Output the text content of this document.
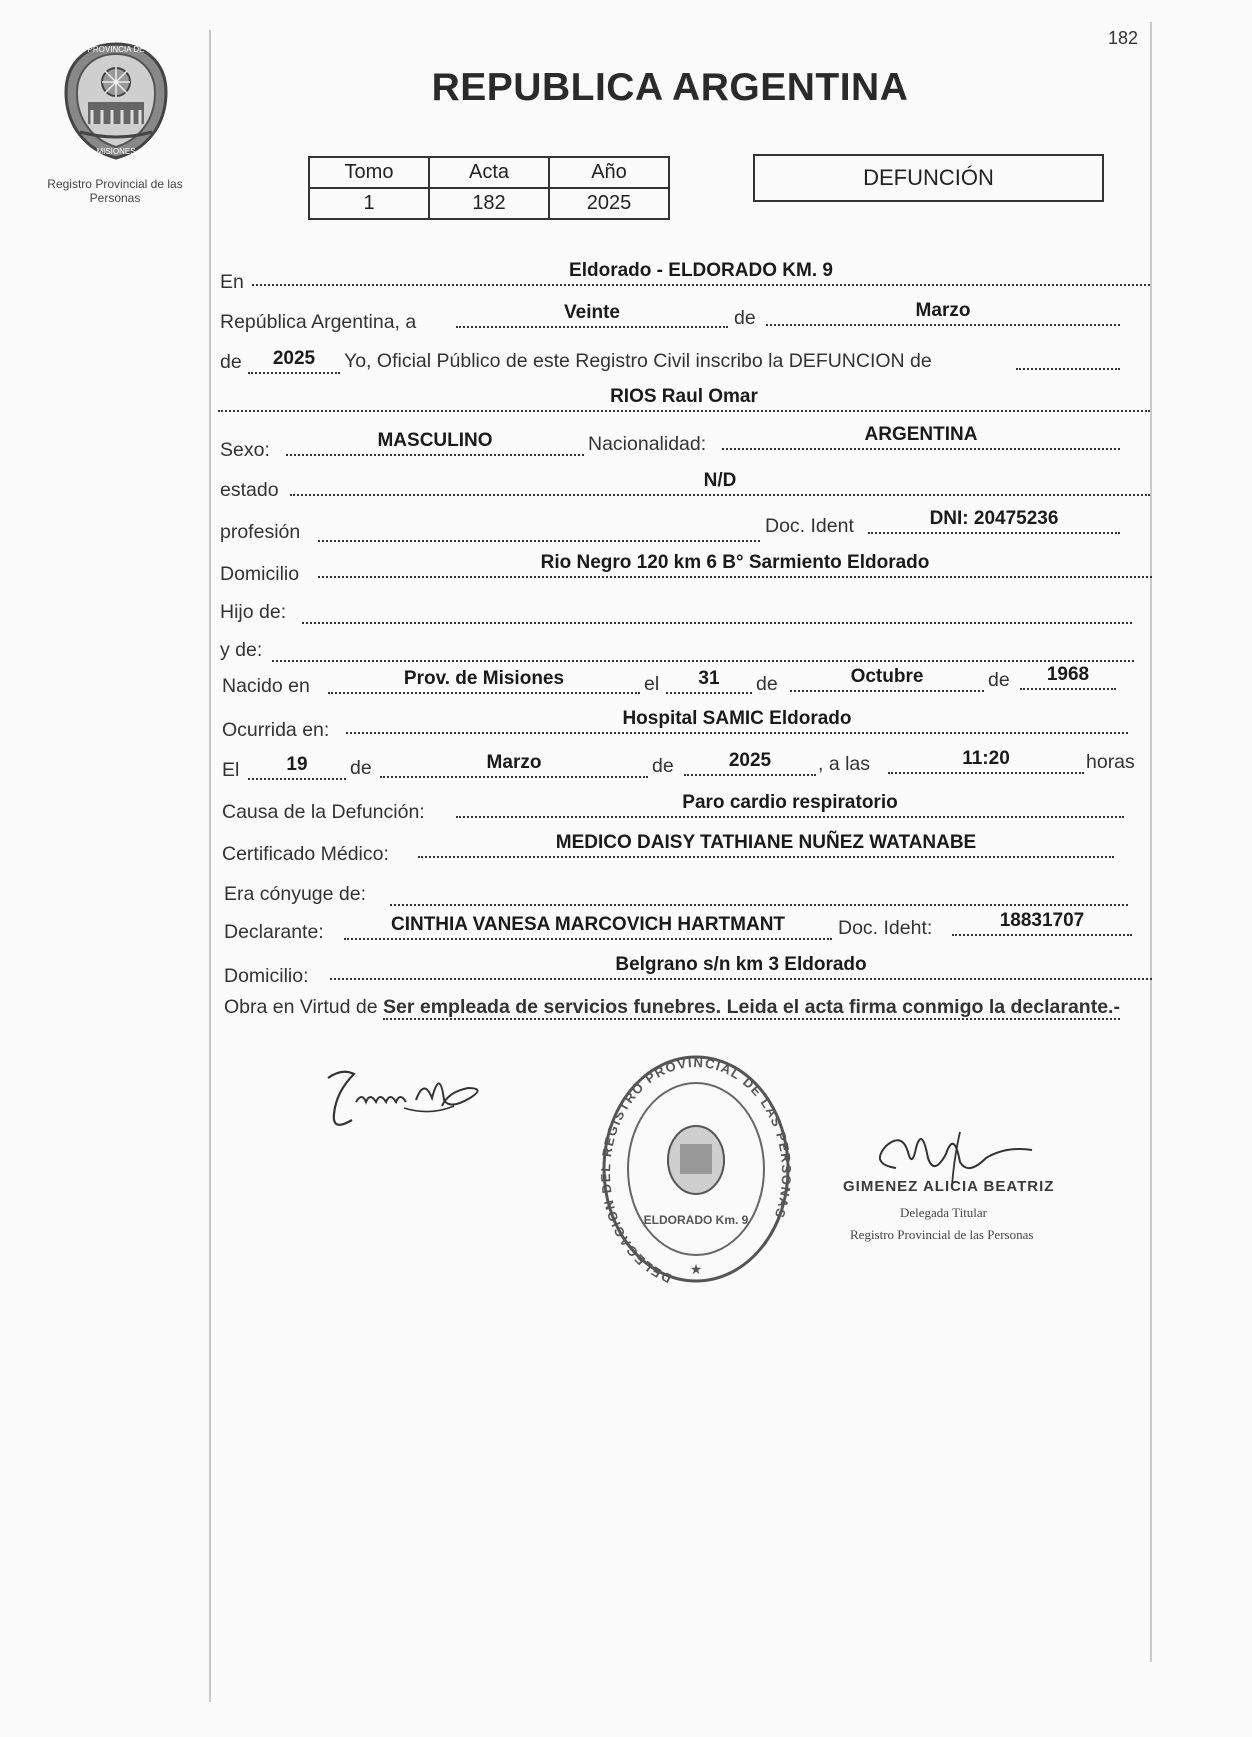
182
PROVINCIA DE
MISIONES
Registro Provincial de las Personas
REPUBLICA ARGENTINA
Tomo	Acta	Año
1	182	2025
DEFUNCIÓN
En
Eldorado - ELDORADO KM. 9
República Argentina, a	Veinte	de	Marzo
de	2025	Yo, Oficial Público de este Registro Civil inscribo la DEFUNCION de
RIOS Raul Omar
Sexo:	MASCULINO	Nacionalidad:	ARGENTINA
estado	N/D
profesión	Doc. Ident	DNI: 20475236
Domicilio
Rio Negro 120 km 6 B° Sarmiento Eldorado
Hijo de:
y de:
Nacido en	Prov. de Misiones	el	31	de	Octubre	de	1968
Ocurrida en:
Hospital SAMIC Eldorado
El	19	de	Marzo	de	2025	, a las	11:20	horas
Causa de la Defunción:	Paro cardio respiratorio
Certificado Médico:
MEDICO DAISY TATHIANE NUÑEZ WATANABE
Era cónyuge de:
Declarante:	CINTHIA VANESA MARCOVICH HARTMANT	Doc. Ideht:	18831707
Domicilio:
Belgrano s/n km 3 Eldorado
Obra en Virtud de Ser empleada de servicios funebres. Leida el acta firma conmigo la declarante.-
DELEGACION DEL REGISTRO PROVINCIAL DE LAS PERSONAS
ELDORADO Km. 9
★
GIMENEZ ALICIA BEATRIZ
Delegada Titular
Registro Provincial de las Personas
